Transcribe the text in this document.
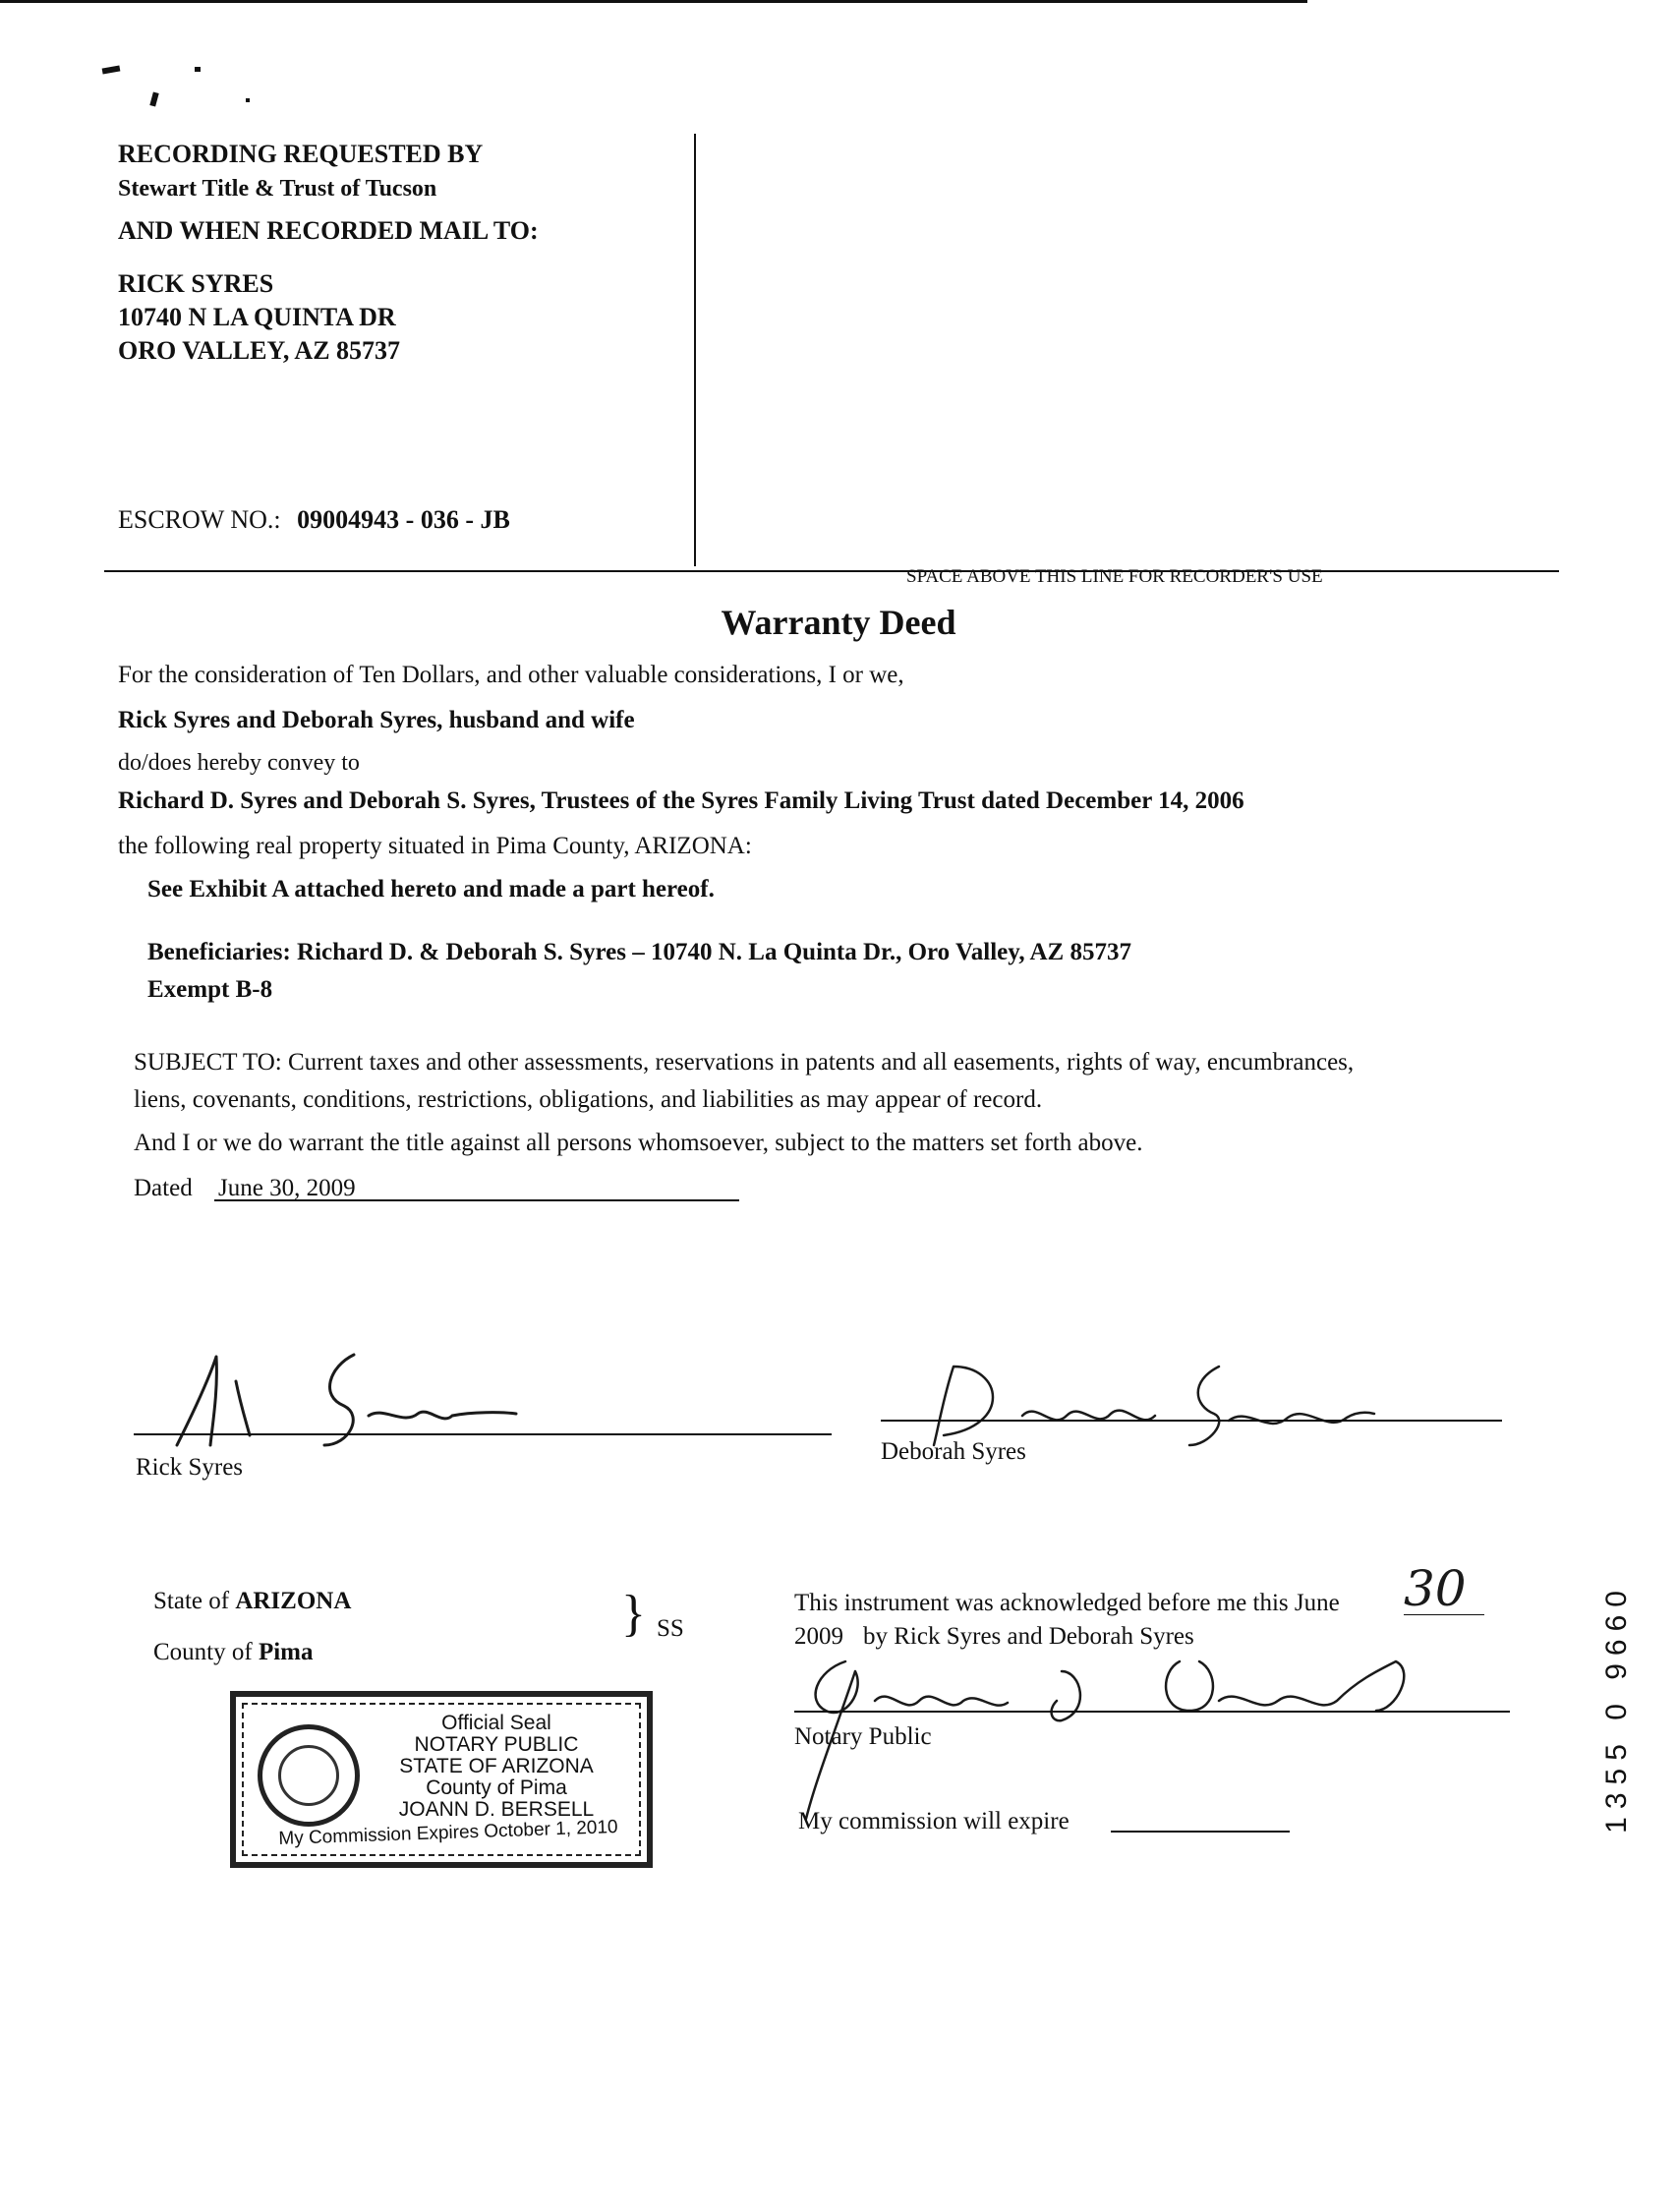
RECORDING REQUESTED BY
Stewart Title & Trust of Tucson
AND WHEN RECORDED MAIL TO:
RICK SYRES
10740 N LA QUINTA DR
ORO VALLEY, AZ 85737
ESCROW NO.: 09004943 - 036 - JB
SPACE ABOVE THIS LINE FOR RECORDER'S USE
Warranty Deed
For the consideration of Ten Dollars, and other valuable considerations, I or we,
Rick Syres and Deborah Syres, husband and wife
do/does hereby convey to
Richard D. Syres and Deborah S. Syres, Trustees of the Syres Family Living Trust dated December 14, 2006
the following real property situated in Pima County, ARIZONA:
See Exhibit A attached hereto and made a part hereof.
Beneficiaries: Richard D. & Deborah S. Syres – 10740 N. La Quinta Dr., Oro Valley, AZ 85737
Exempt B-8
SUBJECT TO: Current taxes and other assessments, reservations in patents and all easements, rights of way, encumbrances,
liens, covenants, conditions, restrictions, obligations, and liabilities as may appear of record.
And I or we do warrant the title against all persons whomsoever, subject to the matters set forth above.
Dated June 30, 2009
Rick Syres
Deborah Syres
State of ARIZONA
County of Pima
} SS
Official Seal
NOTARY PUBLIC
STATE OF ARIZONA
County of Pima
JOANN D. BERSELL
My Commission Expires October 1, 2010
This instrument was acknowledged before me this June 30
2009 by Rick Syres and Deborah Syres
Notary Public
My commission will expire	1355 0 9660
